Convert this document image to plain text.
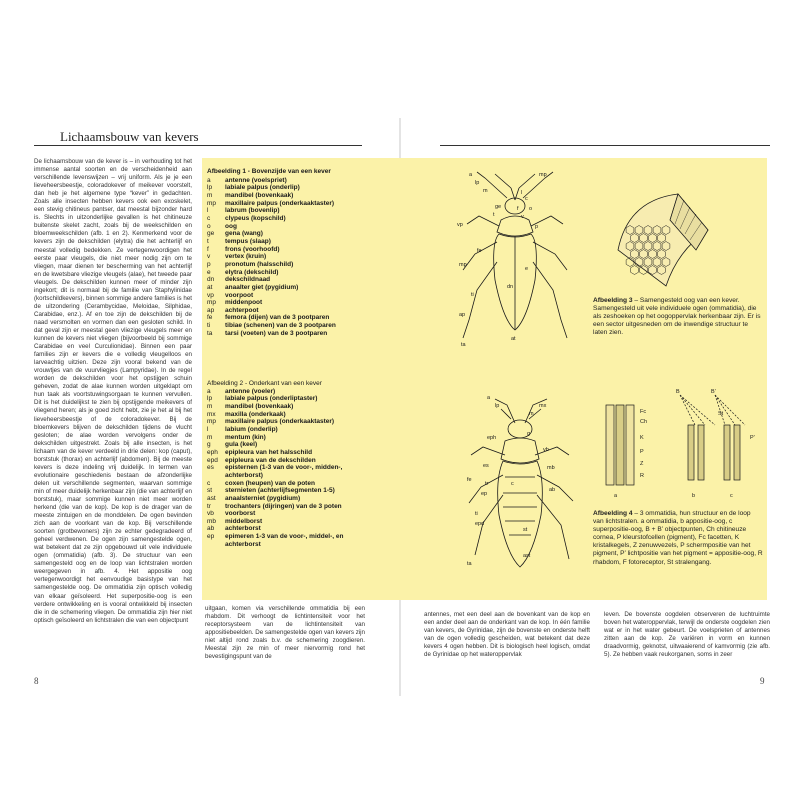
Lichaamsbouw van kevers

De lichaamsbouw van de kever is – in verhouding tot het immense aantal soorten en de verscheidenheid aan verschillende levenswijzen – vrij uniform. Als je je een lieveheersbeestje, coloradokever of meikever voorstelt, dan heb je het algemene type “kever” in gedachten. Zoals alle insecten hebben kevers ook een exoskelet, een stevig chitineus pantser, dat meestal bijzonder hard is. Slechts in uitzonderlijke gevallen is het chitineuze buitenste skelet zacht, zoals bij de weekschilden en bloemweekschilden (afb. 1 en 2). Kenmerkend voor de kevers zijn de dekschilden (elytra) die het achterlijf en meestal volledig bedekken. Ze vertegenwoordigen het eerste paar vleugels, die niet meer nodig zijn om te vliegen, maar dienen ter bescherming van het achterlijf en de kwetsbare vliezige vleugels (alae), het tweede paar vleugels. De dekschilden kunnen meer of minder zijn ingekort; dit is normaal bij de familie van Staphylinidae (kortschildkevers), binnen sommige andere families is het de uitzondering (Cerambycidae, Meloidae, Silphidae, Carabidae, enz.). Af en toe zijn de dekschilden bij de naad versmolten en vormen dan een gesloten schild. In dat geval zijn er meestal geen vliezige vleugels meer en kunnen de kevers niet vliegen (bijvoorbeeld bij sommige Carabidae en veel Curculionidae). Binnen een paar families zijn er kevers die e volledig vleugelloos en larveachtig uitzien. Deze zijn vooral bekend van de vrouwtjes van de vuurvliegjes (Lampyridae). In de regel worden de dekschilden voor het opstijgen schuin geheven, zodat de alae kunnen worden uitgeklapt om hun taak als voortstuwingsorgaan te kunnen vervullen. Dit is het duidelijkst te zien bij opstijgende meikevers of vliegend heren; als je goed zicht hebt, zie je het al bij het lieveheersbeestje of de coloradokever. Bij de bloemkevers blijven de dekschilden tijdens de vlucht gesloten; de alae worden vervolgens onder de dekschilden uitgestrekt. Zoals bij alle insecten, is het lichaam van de kever verdeeld in drie delen: kop (caput), borststuk (thorax) en achterlijf (abdomen). Bij de meeste kevers is deze indeling vrij duidelijk. In termen van evolutionaire geschiedenis bestaan de afzonderlijke delen uit verschillende segmenten, waarvan sommige min of meer duidelijk herkenbaar zijn (die van achterlijf en borststuk), maar sommige kunnen niet meer worden herkend (die van de kop). De kop is de drager van de meeste zintuigen en de monddelen. De ogen bevinden zich aan de voorkant van de kop. Bij verschillende soorten (grotbewoners) zijn ze echter gedegradeerd of geheel verdwenen. De ogen zijn samengestelde ogen, wat betekent dat ze zijn opgebouwd uit vele individuele ogen (ommatidia) (afb. 3). De structuur van een samengesteld oog en de loop van lichtstralen worden weergegeven in afb. 4. Het appositie oog vertegenwoordigt het eenvoudige basistype van het samengestelde oog. De ommatidia zijn optisch volledig van elkaar geïsoleerd. Het superpositie-oog is een verdere ontwikkeling en is vooral ontwikkeld bij insecten die in de schemering vliegen. De ommatidia zijn hier niet optisch geïsoleerd en lichtstralen die van een objectpunt

uitgaan, komen via verschillende ommatidia bij een rhabdom. Dit verhoogt de lichtintensiteit voor het receptorsysteem van de lichtintensiteit van appositiebeelden. De samengestelde ogen van kevers zijn niet altijd rond zoals b.v. de schemering zoogdieren. Meestal zijn ze min of meer niervormig rond het bevestigingspunt van de

antennes, met een deel aan de bovenkant van de kop en een ander deel aan de onderkant van de kop. In één familie van kevers, de Gyrinidae, zijn de bovenste en onderste helft van de ogen volledig gescheiden, wat betekent dat deze kevers 4 ogen hebben. Dit is biologisch heel logisch, omdat de Gyrinidae op het wateroppervlak

leven. De bovenste oogdelen observeren de luchtruimte boven het wateroppervlak, terwijl de onderste oogdelen zien wat er in het water gebeurt. De voelsprieten of antennes zitten aan de kop. Ze variëren in vorm en kunnen draadvormig, geknotst, uitwaaierend of kamvormig (zie afb. 5). Ze hebben vaak reukorganen, soms in zeer

Afbeelding 1 - Bovenzijde van een kever
a	antenne (voelspriet)
lp	labiale palpus (onderlip)
m	mandibel (bovenkaak)
mp	maxillaire palpus (onderkaaktaster)
l	labrum (bovenlip)
c	clypeus (kopschild)
o	oog
ge	gena (wang)
t	tempus (slaap)
f	frons (voorhoofd)
v	vertex (kruin)
p	pronotum (halsschild)
e	elytra (dekschild)
dn	dekschildnaad
at	anaalter giet (pygidium)
vp	voorpoot
mp	middenpoot
ap	achterpoot
fe	femora (dijen) van de 3 pootparen
ti	tibiae (schenen) van de 3 pootparen
ta	tarsi (voeten) van de 3 pootparen
Afbeelding 2 - Onderkant van een kever
a	antenne (voeler)
lp	labiale palpus (onderliptaster)
m	mandibel (bovenkaak)
mx	maxilla (onderkaak)
mp	maxillaire palpus (onderkaaktaster)
l	labium (onderlip)
m	mentum (kin)
g	gula (keel)
eph	epipleura van het halsschild
epd	epipleura van de dekschilden
es	episternen (1-3 van de voor-, midden-, achterborst)
c	coxen (heupen) van de poten
st	sternieten (achterlijfsegmenten 1-5)
ast	anaalsterniet (pygidium)
tr	trochanters (dijringen) van de 3 poten
vb	voorborst
mb	middelborst
ab	achterborst
ep	epimeren 1-3 van de voor-, middel-, en achterborst
a
lp
m
mp
l
c
o
ge
t
f
v
p
e
dn
at
vp
mp
ap
fe
ti
ta
a
lp	mx
m
g
eph
vb
mb
ab
es
ep
c
tr
st
ast
epd
fe
ti
ta
B	B’
Fc
Ch
K
P
Z
R
P’
St
a	b	c
Afbeelding 3 – Samengesteld oog van een kever. Samengesteld uit vele individuele ogen (ommatidia), die als zeshoeken op het oogoppervlak herkenbaar zijn. Er is een sector uitgesneden om de inwendige structuur te laten zien.
Afbeelding 4 – 3 ommatidia, hun structuur en de loop van lichtstralen. a ommatidia, b appositie-oog, c superpositie-oog, B + B’ objectpunten, Ch chitineuze cornea, P kleurstofcellen (pigment), Fc facetten, K kristalkegels, Z zenuwvezels, P schermpositie van het pigment, P’ lichtpositie van het pigment = appositie-oog, R rhabdom, F fotoreceptor, St stralengang.
8	9
